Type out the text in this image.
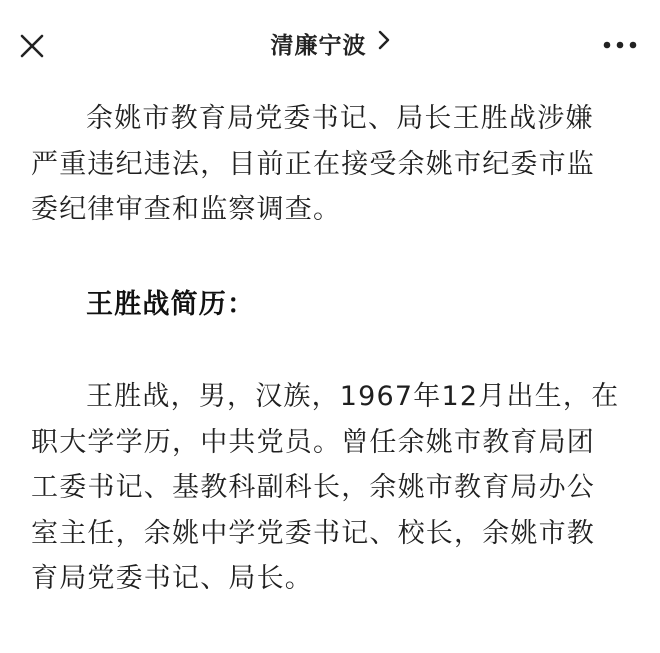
清廉宁波

余姚市教育局党委书记、局长王胜战涉嫌
严重违纪违法，目前正在接受余姚市纪委市监
委纪律审查和监察调查。

王胜战简历：

王胜战，男，汉族，1967年12月出生，在
职大学学历，中共党员。曾任余姚市教育局团
工委书记、基教科副科长，余姚市教育局办公
室主任，余姚中学党委书记、校长，余姚市教
育局党委书记、局长。
